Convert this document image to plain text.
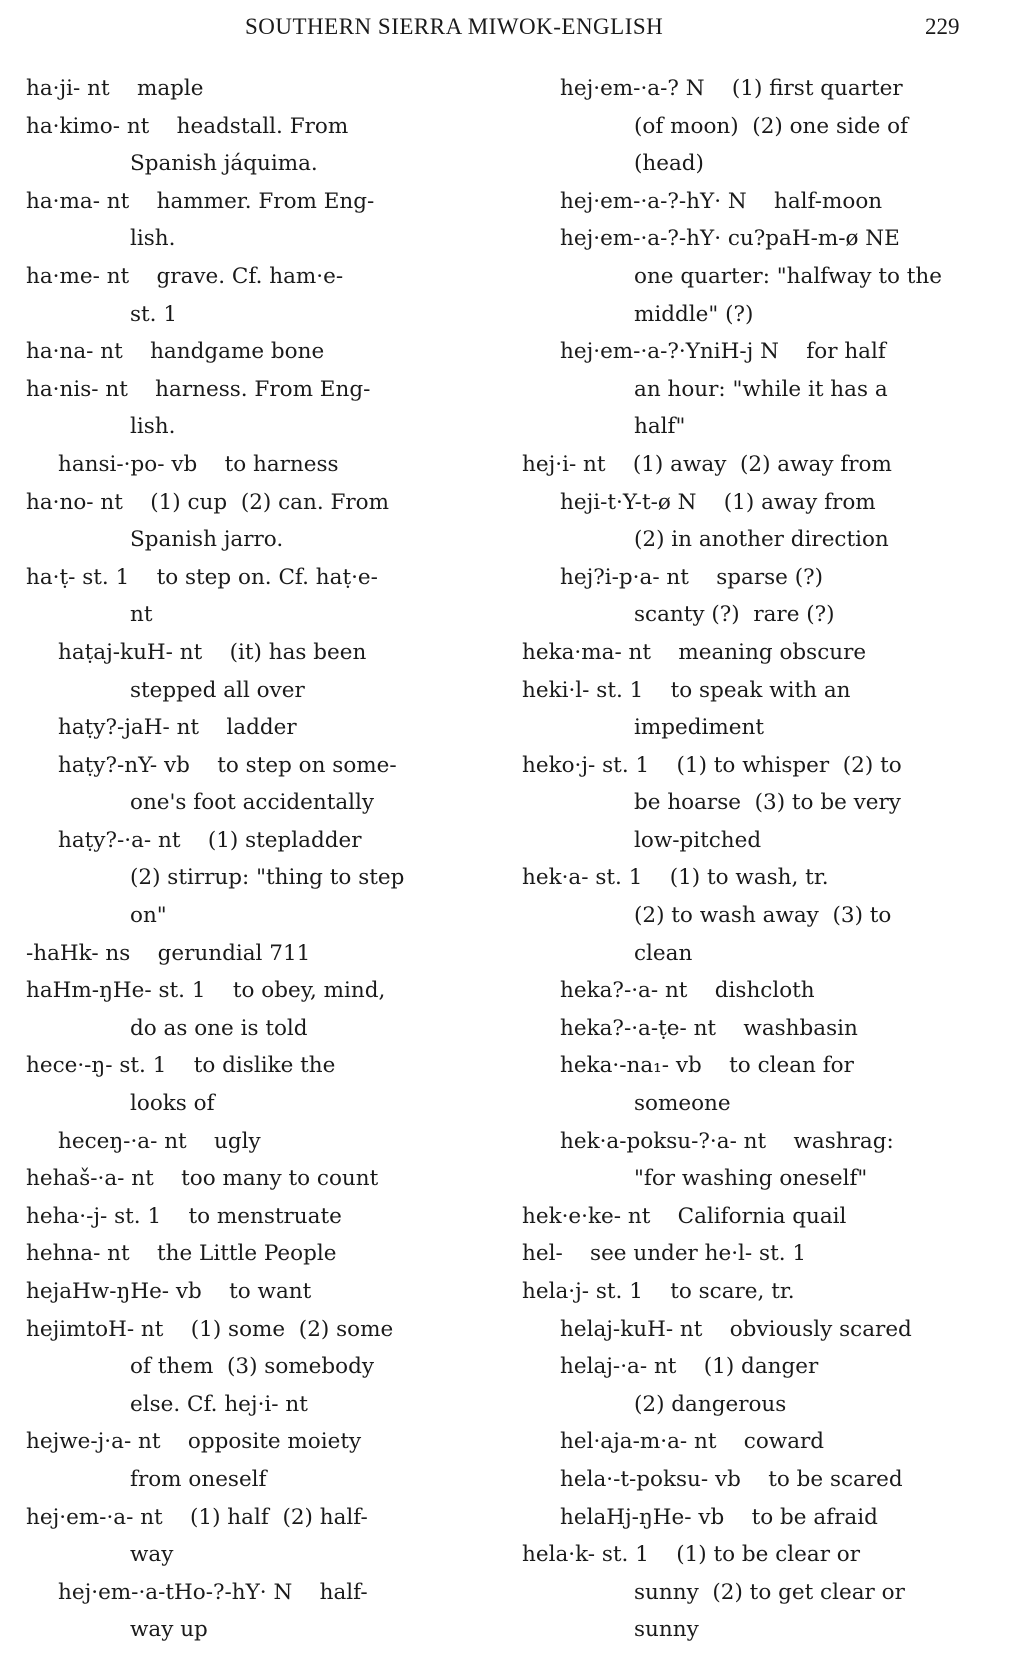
SOUTHERN SIERRA MIWOK-ENGLISH	229
ha·ji- nt    maple
ha·kimo- nt    headstall. From
Spanish jáquima.
ha·ma- nt    hammer. From Eng-
lish.
ha·me- nt    grave. Cf. ham·e-
st. 1
ha·na- nt    handgame bone
ha·nis- nt    harness. From Eng-
lish.
hansi-·po- vb    to harness
ha·no- nt    (1) cup  (2) can. From
Spanish jarro.
ha·ṭ- st. 1    to step on. Cf. haṭ·e-
nt
haṭaj-kuH- nt    (it) has been
stepped all over
haṭy?-jaH- nt    ladder
haṭy?-nY- vb    to step on some-
one's foot accidentally
haṭy?-·a- nt    (1) stepladder
(2) stirrup: "thing to step
on"
-haHk- ns    gerundial 711
haHm-ŋHe- st. 1    to obey, mind,
do as one is told
hece·-ŋ- st. 1    to dislike the
looks of
heceŋ-·a- nt    ugly
hehaš-·a- nt    too many to count
heha·-j- st. 1    to menstruate
hehna- nt    the Little People
hejaHw-ŋHe- vb    to want
hejimtoH- nt    (1) some  (2) some
of them  (3) somebody
else. Cf. hej·i- nt
hejwe-j·a- nt    opposite moiety
from oneself
hej·em-·a- nt    (1) half  (2) half-
way
hej·em-·a-tHo-?-hY· N    half-
way up
hej·em-·a-? N    (1) first quarter
(of moon)  (2) one side of
(head)
hej·em-·a-?-hY· N    half-moon
hej·em-·a-?-hY· cu?paH-m-ø NE
one quarter: "halfway to the
middle" (?)
hej·em-·a-?·YniH-j N    for half
an hour: "while it has a
half"
hej·i- nt    (1) away  (2) away from
heji-t·Y-t-ø N    (1) away from
(2) in another direction
hej?i-p·a- nt    sparse (?)
scanty (?)  rare (?)
heka·ma- nt    meaning obscure
heki·l- st. 1    to speak with an
impediment
heko·j- st. 1    (1) to whisper  (2) to
be hoarse  (3) to be very
low-pitched
hek·a- st. 1    (1) to wash, tr.
(2) to wash away  (3) to
clean
heka?-·a- nt    dishcloth
heka?-·a-ṭe- nt    washbasin
heka·-na₁- vb    to clean for
someone
hek·a-poksu-?·a- nt    washrag:
"for washing oneself"
hek·e·ke- nt    California quail
hel-    see under he·l- st. 1
hela·j- st. 1    to scare, tr.
helaj-kuH- nt    obviously scared
helaj-·a- nt    (1) danger
(2) dangerous
hel·aja-m·a- nt    coward
hela·-t-poksu- vb    to be scared
helaHj-ŋHe- vb    to be afraid
hela·k- st. 1    (1) to be clear or
sunny  (2) to get clear or
sunny
